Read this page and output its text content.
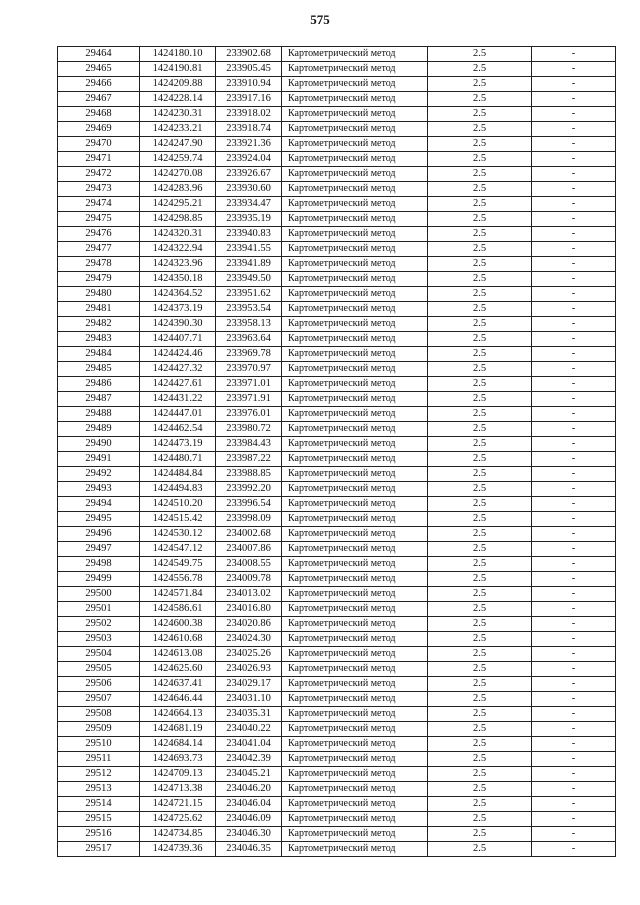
575
29464	1424180.10	233902.68	Картометрический метод	2.5	-
29465	1424190.81	233905.45	Картометрический метод	2.5	-
29466	1424209.88	233910.94	Картометрический метод	2.5	-
29467	1424228.14	233917.16	Картометрический метод	2.5	-
29468	1424230.31	233918.02	Картометрический метод	2.5	-
29469	1424233.21	233918.74	Картометрический метод	2.5	-
29470	1424247.90	233921.36	Картометрический метод	2.5	-
29471	1424259.74	233924.04	Картометрический метод	2.5	-
29472	1424270.08	233926.67	Картометрический метод	2.5	-
29473	1424283.96	233930.60	Картометрический метод	2.5	-
29474	1424295.21	233934.47	Картометрический метод	2.5	-
29475	1424298.85	233935.19	Картометрический метод	2.5	-
29476	1424320.31	233940.83	Картометрический метод	2.5	-
29477	1424322.94	233941.55	Картометрический метод	2.5	-
29478	1424323.96	233941.89	Картометрический метод	2.5	-
29479	1424350.18	233949.50	Картометрический метод	2.5	-
29480	1424364.52	233951.62	Картометрический метод	2.5	-
29481	1424373.19	233953.54	Картометрический метод	2.5	-
29482	1424390.30	233958.13	Картометрический метод	2.5	-
29483	1424407.71	233963.64	Картометрический метод	2.5	-
29484	1424424.46	233969.78	Картометрический метод	2.5	-
29485	1424427.32	233970.97	Картометрический метод	2.5	-
29486	1424427.61	233971.01	Картометрический метод	2.5	-
29487	1424431.22	233971.91	Картометрический метод	2.5	-
29488	1424447.01	233976.01	Картометрический метод	2.5	-
29489	1424462.54	233980.72	Картометрический метод	2.5	-
29490	1424473.19	233984.43	Картометрический метод	2.5	-
29491	1424480.71	233987.22	Картометрический метод	2.5	-
29492	1424484.84	233988.85	Картометрический метод	2.5	-
29493	1424494.83	233992.20	Картометрический метод	2.5	-
29494	1424510.20	233996.54	Картометрический метод	2.5	-
29495	1424515.42	233998.09	Картометрический метод	2.5	-
29496	1424530.12	234002.68	Картометрический метод	2.5	-
29497	1424547.12	234007.86	Картометрический метод	2.5	-
29498	1424549.75	234008.55	Картометрический метод	2.5	-
29499	1424556.78	234009.78	Картометрический метод	2.5	-
29500	1424571.84	234013.02	Картометрический метод	2.5	-
29501	1424586.61	234016.80	Картометрический метод	2.5	-
29502	1424600.38	234020.86	Картометрический метод	2.5	-
29503	1424610.68	234024.30	Картометрический метод	2.5	-
29504	1424613.08	234025.26	Картометрический метод	2.5	-
29505	1424625.60	234026.93	Картометрический метод	2.5	-
29506	1424637.41	234029.17	Картометрический метод	2.5	-
29507	1424646.44	234031.10	Картометрический метод	2.5	-
29508	1424664.13	234035.31	Картометрический метод	2.5	-
29509	1424681.19	234040.22	Картометрический метод	2.5	-
29510	1424684.14	234041.04	Картометрический метод	2.5	-
29511	1424693.73	234042.39	Картометрический метод	2.5	-
29512	1424709.13	234045.21	Картометрический метод	2.5	-
29513	1424713.38	234046.20	Картометрический метод	2.5	-
29514	1424721.15	234046.04	Картометрический метод	2.5	-
29515	1424725.62	234046.09	Картометрический метод	2.5	-
29516	1424734.85	234046.30	Картометрический метод	2.5	-
29517	1424739.36	234046.35	Картометрический метод	2.5	-
